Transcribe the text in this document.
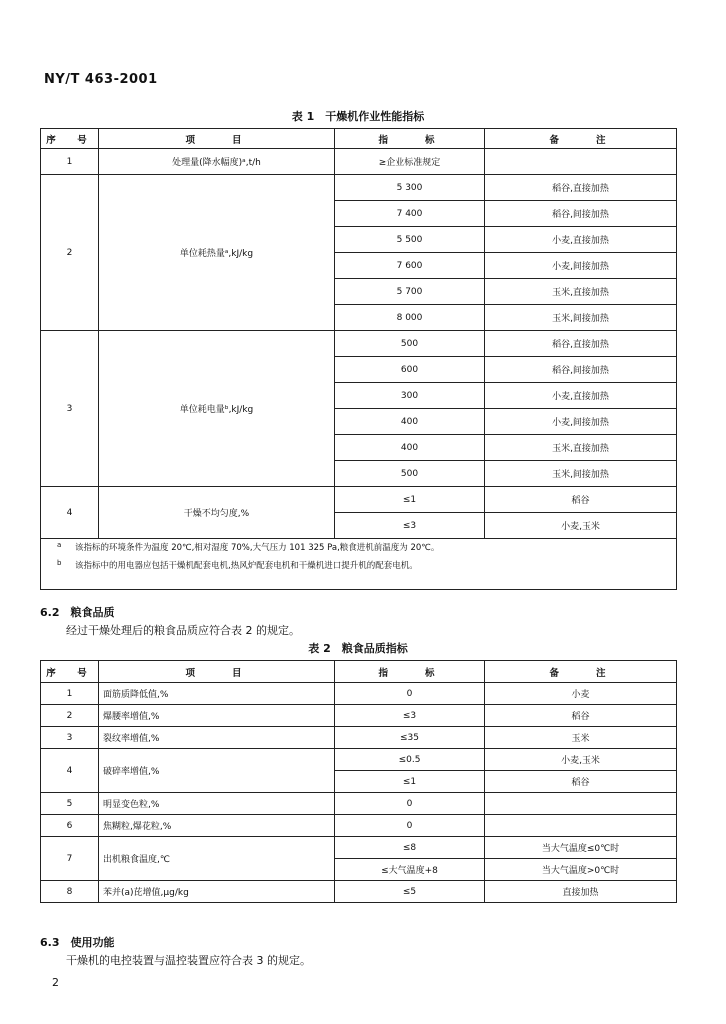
NY/T 463-2001
表 1　干燥机作业性能指标
序　号	项　　目	指　　标	备　　注
1	处理量(降水幅度)ᵃ,t/h	≥企业标准规定	
2	单位耗热量ᵃ,kJ/kg	5 300	稻谷,直接加热
		7 400	稻谷,间接加热
		5 500	小麦,直接加热
		7 600	小麦,间接加热
		5 700	玉米,直接加热
		8 000	玉米,间接加热
3	单位耗电量ᵇ,kJ/kg	500	稻谷,直接加热
		600	稻谷,间接加热
		300	小麦,直接加热
		400	小麦,间接加热
		400	玉米,直接加热
		500	玉米,间接加热
4	干燥不均匀度,%	≤1	稻谷
		≤3	小麦,玉米

a 该指标的环境条件为温度 20℃,相对湿度 70%,大气压力 101 325 Pa,粮食进机前温度为 20℃。
b 该指标中的用电器应包括干燥机配套电机,热风炉配套电机和干燥机进口提升机的配套电机。			
6.2　粮食品质
经过干燥处理后的粮食品质应符合表 2 的规定。
表 2　粮食品质指标
序　号	项　　目	指　　标	备　　注
1	面筋质降低值,%	0	小麦
2	爆腰率增值,%	≤3	稻谷
3	裂纹率增值,%	≤35	玉米
4	破碎率增值,%	≤0.5	小麦,玉米
		≤1	稻谷
5	明显变色粒,%	0	
6	焦糊粒,爆花粒,%	0	
7	出机粮食温度,℃	≤8	当大气温度≤0℃时
		≤大气温度+8	当大气温度>0℃时
8	苯并(a)芘增值,μg/kg	≤5	直接加热
6.3　使用功能
干燥机的电控装置与温控装置应符合表 3 的规定。
2
